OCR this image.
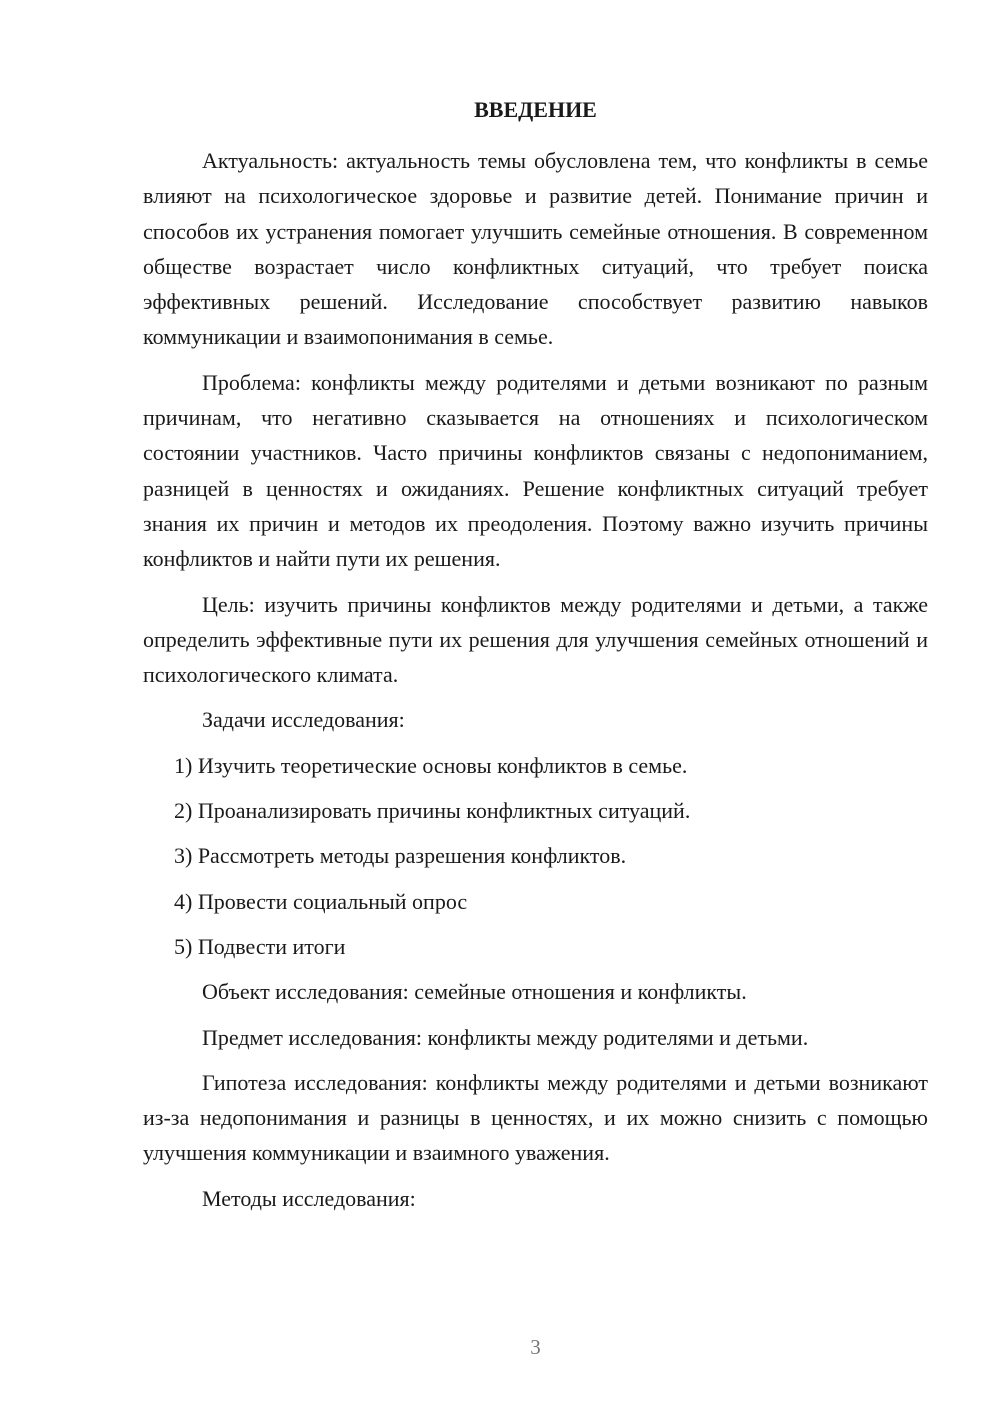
ВВЕДЕНИЕ

Актуальность: актуальность темы обусловлена тем, что конфликты в семье влияют на психологическое здоровье и развитие детей. Понимание причин и способов их устранения помогает улучшить семейные отношения. В современном обществе возрастает число конфликтных ситуаций, что требует поиска эффективных решений. Исследование способствует развитию навыков коммуникации и взаимопонимания в семье.

Проблема: конфликты между родителями и детьми возникают по разным причинам, что негативно сказывается на отношениях и психологическом состоянии участников. Часто причины конфликтов связаны с недопониманием, разницей в ценностях и ожиданиях. Решение конфликтных ситуаций требует знания их причин и методов их преодоления. Поэтому важно изучить причины конфликтов и найти пути их решения.

Цель: изучить причины конфликтов между родителями и детьми, а также определить эффективные пути их решения для улучшения семейных отношений и психологического климата.

Задачи исследования:

1) Изучить теоретические основы конфликтов в семье.

2) Проанализировать причины конфликтных ситуаций.

3) Рассмотреть методы разрешения конфликтов.

4) Провести социальный опрос

5) Подвести итоги

Объект исследования: семейные отношения и конфликты.

Предмет исследования: конфликты между родителями и детьми.

Гипотеза исследования: конфликты между родителями и детьми возникают из-за недопонимания и разницы в ценностях, и их можно снизить с помощью улучшения коммуникации и взаимного уважения.

Методы исследования:

3
